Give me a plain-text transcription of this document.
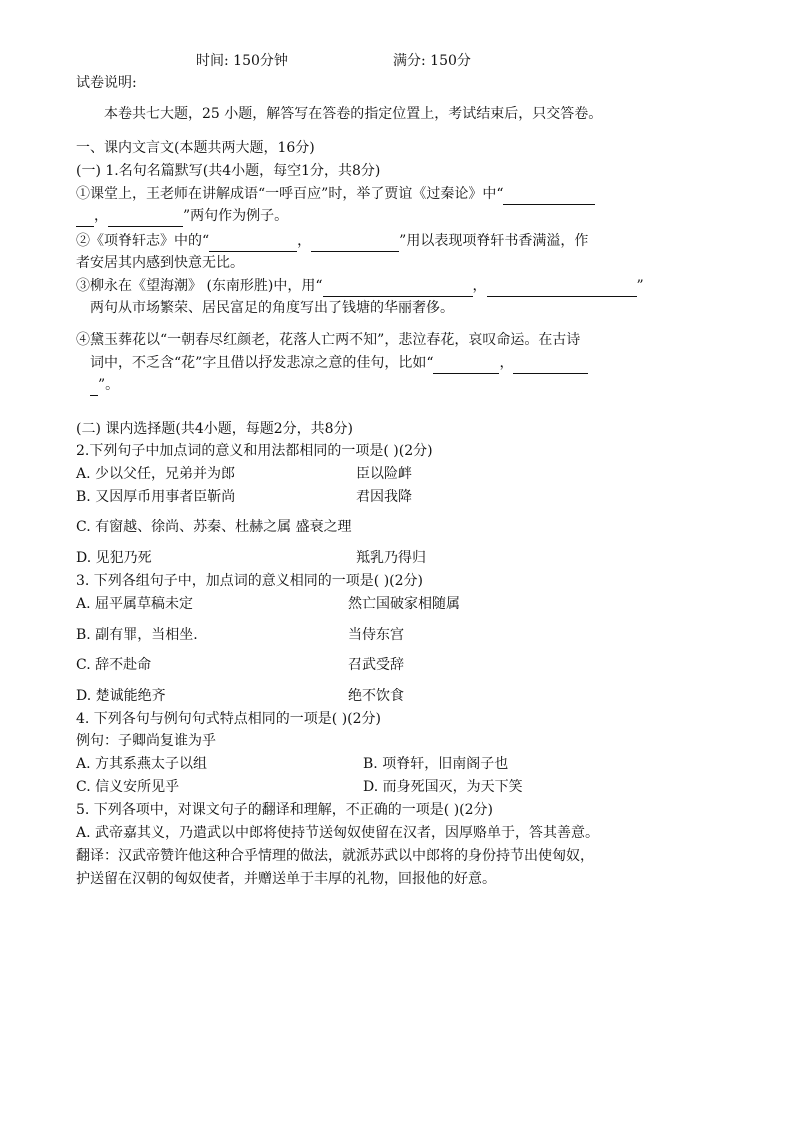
时间: 150分钟	满分: 150分
试卷说明:
本卷共七大题，25 小题，解答写在答卷的指定位置上，考试结束后，只交答卷。
一、课内文言文(本题共两大题，16分)
(一) 1.名句名篇默写(共4小题，每空1分，共8分)
①课堂上，王老师在讲解成语“一呼百应”时，举了贾谊《过秦论》中“
，	”两句作为例子。
②《项脊轩志》中的“	，	”用以表现项脊轩书香满溢，作
者安居其内感到快意无比。
③柳永在《望海潮》 (东南形胜)中，用“	，	”
两句从市场繁荣、居民富足的角度写出了钱塘的华丽奢侈。
④黛玉葬花以“一朝春尽红颜老，花落人亡两不知”，悲泣春花，哀叹命运。在古诗
词中，不乏含“花”字且借以抒发悲凉之意的佳句，比如“	，
”。
(二) 课内选择题(共4小题，每题2分，共8分)
2.下列句子中加点词的意义和用法都相同的一项是( )(2分)
A. 少以父任，兄弟并为郎	臣以险衅
B. 又因厚币用事者臣靳尚	君因我降
C. 有窗越、徐尚、苏秦、杜赫之属 盛衰之理
D. 见犯乃死	羝乳乃得归
3. 下列各组句子中，加点词的意义相同的一项是( )(2分)
A. 屈平属草稿未定	然亡国破家相随属
B. 副有罪，当相坐.	当侍东宫
C. 辞不赴命	召武受辞
D. 楚诚能绝齐	绝不饮食
4. 下列各句与例句句式特点相同的一项是( )(2分)
例句：子卿尚复谁为乎
A. 方其系燕太子以组	B. 项脊轩，旧南阁子也
C. 信义安所见乎	D. 而身死国灭，为天下笑
5. 下列各项中，对课文句子的翻译和理解，不正确的一项是( )(2分)
A. 武帝嘉其义，乃遣武以中郎将使持节送匈奴使留在汉者，因厚赂单于，答其善意。
翻译：汉武帝赞许他这种合乎情理的做法，就派苏武以中郎将的身份持节出使匈奴，
护送留在汉朝的匈奴使者，并赠送单于丰厚的礼物，回报他的好意。
